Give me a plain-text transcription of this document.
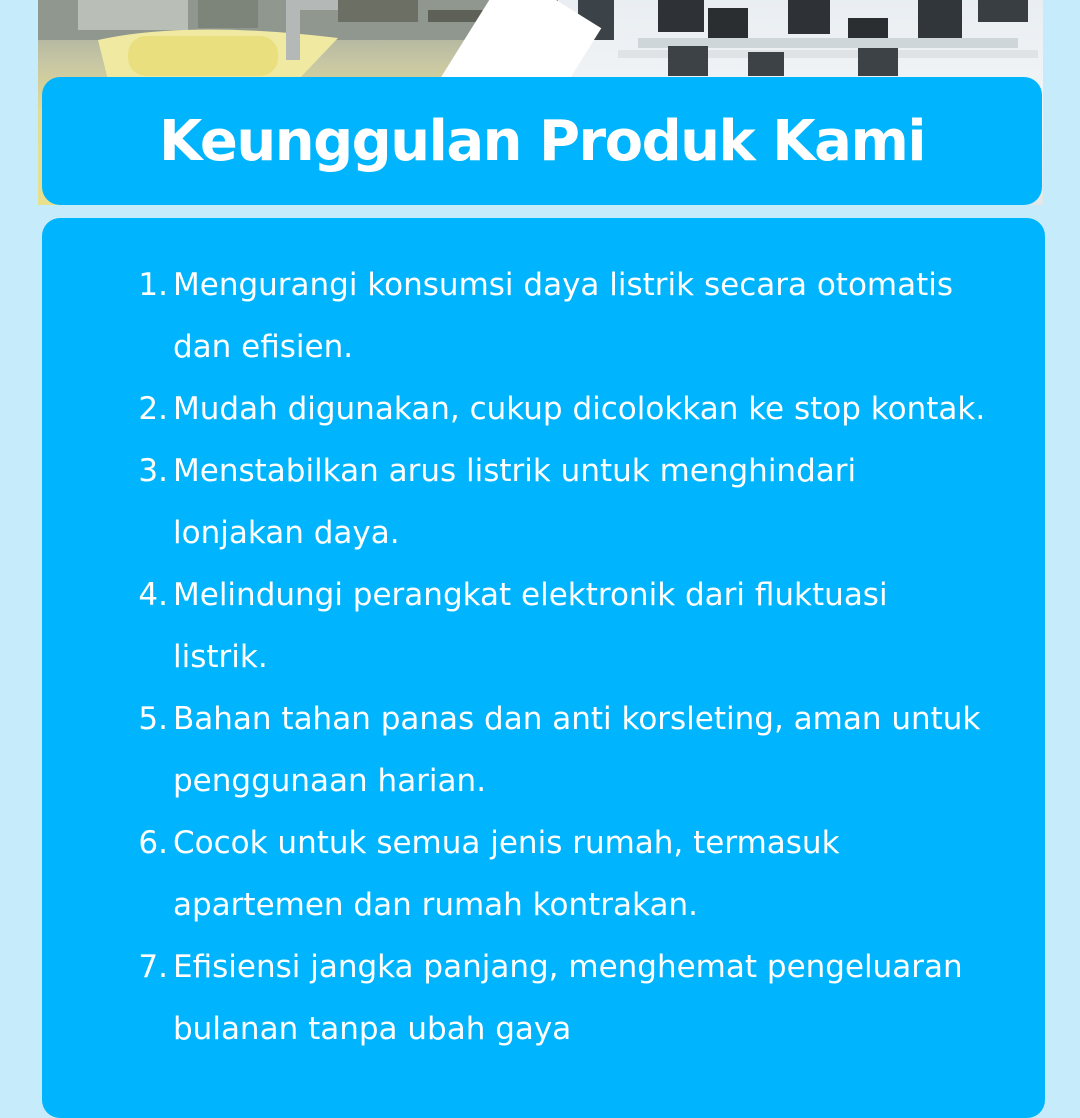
Keunggulan Produk Kami
1. Mengurangi konsumsi daya listrik secara otomatis dan efisien.
2. Mudah digunakan, cukup dicolokkan ke stop kontak.
3. Menstabilkan arus listrik untuk menghindari lonjakan daya.
4. Melindungi perangkat elektronik dari fluktuasi listrik.
5. Bahan tahan panas dan anti korsleting, aman untuk penggunaan harian.
6. Cocok untuk semua jenis rumah, termasuk apartemen dan rumah kontrakan.
7. Efisiensi jangka panjang, menghemat pengeluaran bulanan tanpa ubah gaya
